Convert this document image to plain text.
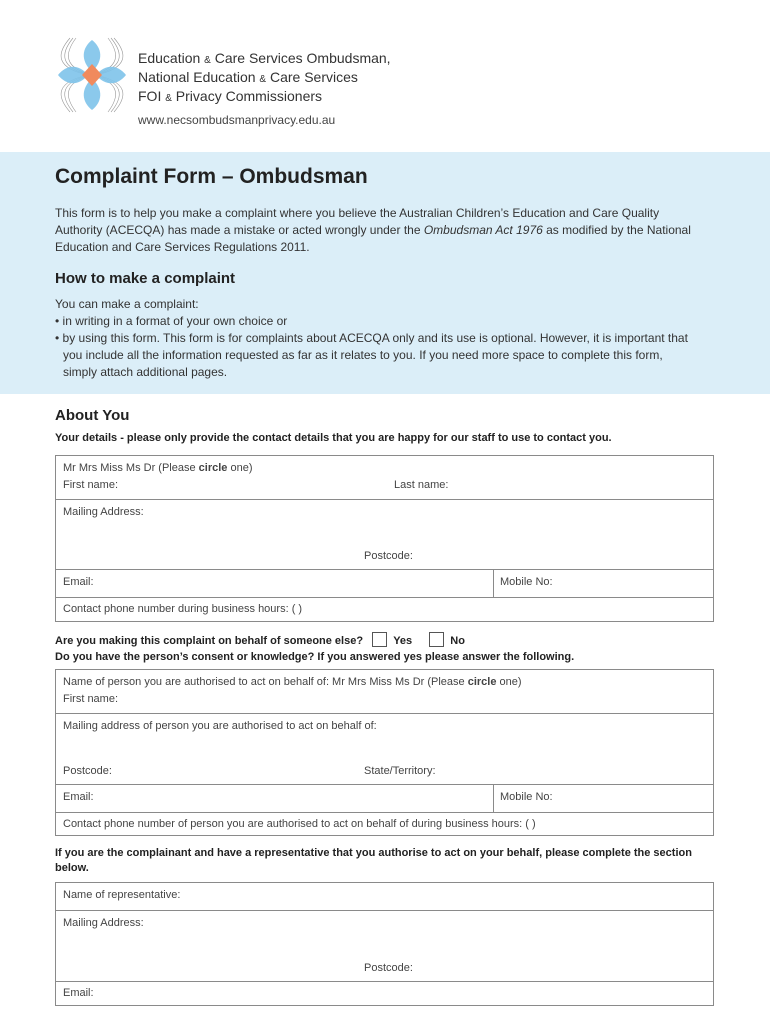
Education & Care Services Ombudsman,
National Education & Care Services
FOI & Privacy Commissioners
www.necsombudsmanprivacy.edu.au
Complaint Form – Ombudsman
This form is to help you make a complaint where you believe the Australian Children’s Education and Care Quality Authority (ACECQA) has made a mistake or acted wrongly under the Ombudsman Act 1976 as modified by the National Education and Care Services Regulations 2011.
How to make a complaint
You can make a complaint:
• in writing in a format of your own choice or
• by using this form. This form is for complaints about ACECQA only and its use is optional. However, it is important that you include all the information requested as far as it relates to you. If you need more space to complete this form, simply attach additional pages.
About You
Your details - please only provide the contact details that you are happy for our staff to use to contact you.
Mr Mrs Miss Ms Dr (Please circle one)
First name:	Last name:
Mailing Address:
Postcode:
Email:	Mobile No:
Contact phone number during business hours: ( )
Are you making this complaint on behalf of someone else?	Yes	No
Do you have the person’s consent or knowledge? If you answered yes please answer the following.
Name of person you are authorised to act on behalf of: Mr Mrs Miss Ms Dr (Please circle one)
First name:
Mailing address of person you are authorised to act on behalf of:
Postcode:	State/Territory:
Email:	Mobile No:
Contact phone number of person you are authorised to act on behalf of during business hours: ( )
If you are the complainant and have a representative that you authorise to act on your behalf, please complete the section below.
Name of representative:
Mailing Address:
Postcode:
Email:
